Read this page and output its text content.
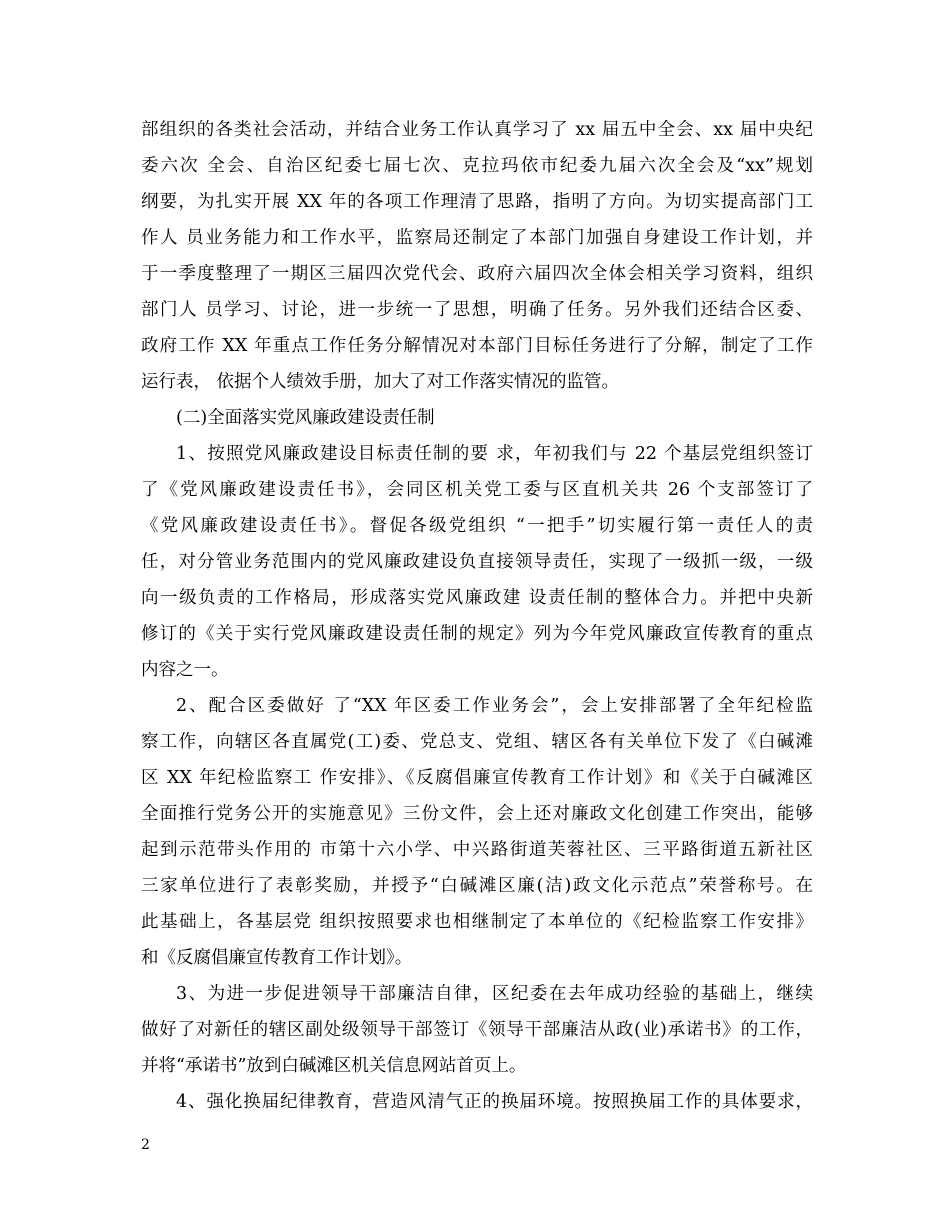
部组织的各类社会活动，并结合业务工作认真学习了 xx 届五中全会、xx 届中央纪
委六次 全会、自治区纪委七届七次、克拉玛依市纪委九届六次全会及“xx”规划
纲要，为扎实开展 XX 年的各项工作理清了思路，指明了方向。为切实提高部门工
作人 员业务能力和工作水平，监察局还制定了本部门加强自身建设工作计划，并
于一季度整理了一期区三届四次党代会、政府六届四次全体会相关学习资料，组织
部门人 员学习、讨论，进一步统一了思想，明确了任务。另外我们还结合区委、
政府工作 XX 年重点工作任务分解情况对本部门目标任务进行了分解，制定了工作
运行表， 依据个人绩效手册，加大了对工作落实情况的监管。
(二)全面落实党风廉政建设责任制
1、按照党风廉政建设目标责任制的要 求，年初我们与 22 个基层党组织签订
了《党风廉政建设责任书》，会同区机关党工委与区直机关共 26 个支部签订了
《党风廉政建设责任书》。督促各级党组织 “一把手”切实履行第一责任人的责
任，对分管业务范围内的党风廉政建设负直接领导责任，实现了一级抓一级，一级
向一级负责的工作格局，形成落实党风廉政建 设责任制的整体合力。并把中央新
修订的《关于实行党风廉政建设责任制的规定》列为今年党风廉政宣传教育的重点
内容之一。
2、配合区委做好 了“XX 年区委工作业务会”，会上安排部署了全年纪检监
察工作，向辖区各直属党(工)委、党总支、党组、辖区各有关单位下发了《白碱滩
区 XX 年纪检监察工 作安排》、《反腐倡廉宣传教育工作计划》和《关于白碱滩区
全面推行党务公开的实施意见》三份文件，会上还对廉政文化创建工作突出，能够
起到示范带头作用的 市第十六小学、中兴路街道芙蓉社区、三平路街道五新社区
三家单位进行了表彰奖励，并授予“白碱滩区廉(洁)政文化示范点”荣誉称号。在
此基础上，各基层党 组织按照要求也相继制定了本单位的《纪检监察工作安排》
和《反腐倡廉宣传教育工作计划》。
3、为进一步促进领导干部廉洁自律，区纪委在去年成功经验的基础上，继续
做好了对新任的辖区副处级领导干部签订《领导干部廉洁从政(业)承诺书》的工作，
并将“承诺书”放到白碱滩区机关信息网站首页上。
4、强化换届纪律教育，营造风清气正的换届环境。按照换届工作的具体要求，
2
